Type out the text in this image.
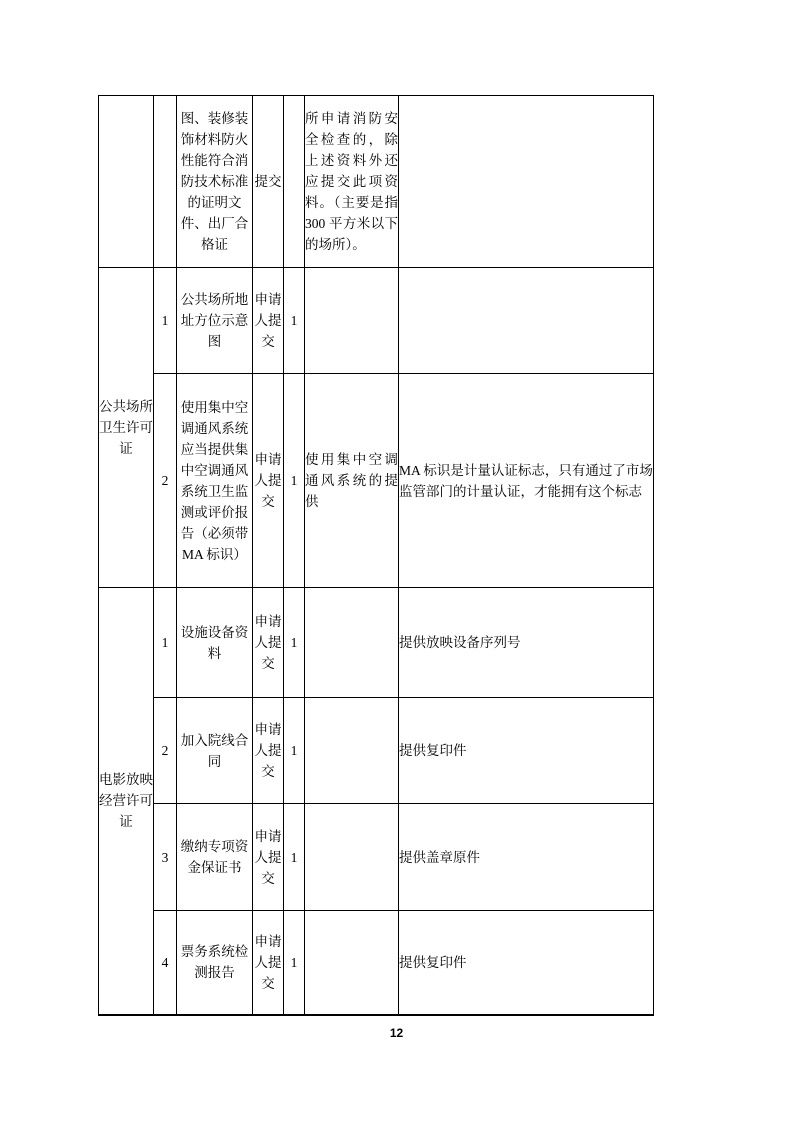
		图、装修装饰材料防火性能符合消防技术标准的证明文件、出厂合格证	提交		所申请消防安全检查的，除上述资料外还应提交此项资料。（主要是指 300 平方米以下的场所）。	
公共场所卫生许可证	1	公共场所地址方位示意图	申请人提交	1		
	2	使用集中空调通风系统应当提供集中空调通风系统卫生监测或评价报告（必须带 MA 标识）	申请人提交	1	使用集中空调通风系统的提供	MA 标识是计量认证标志，只有通过了市场监管部门的计量认证，才能拥有这个标志
电影放映经营许可证	1	设施设备资料	申请人提交	1		提供放映设备序列号
	2	加入院线合同	申请人提交	1		提供复印件
	3	缴纳专项资金保证书	申请人提交	1		提供盖章原件
	4	票务系统检测报告	申请人提交	1		提供复印件
12
